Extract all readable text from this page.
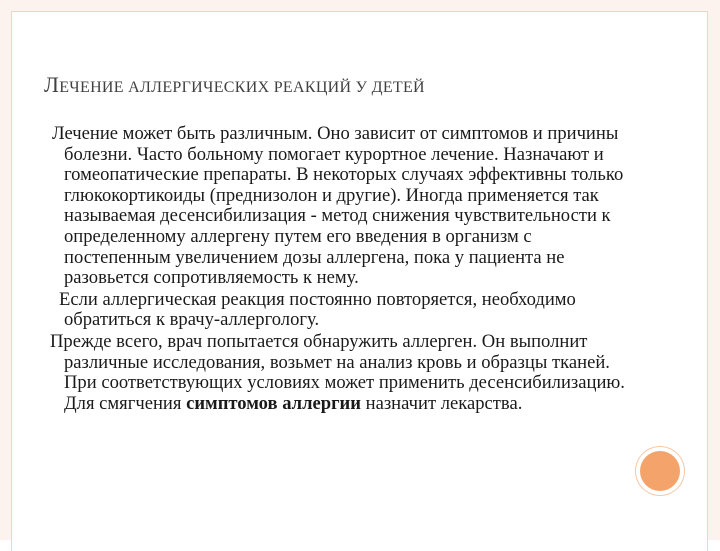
ЛЕЧЕНИЕ АЛЛЕРГИЧЕСКИХ РЕАКЦИЙ У ДЕТЕЙ

Лечение может быть различным. Оно зависит от симптомов и причины болезни. Часто больному помогает курортное лечение. Назначают и гомеопатические препараты. В некоторых случаях эффективны только глюкокортикоиды (преднизолон и другие). Иногда применяется так называемая десенсибилизация - метод снижения чувствительности к определенному аллергену путем его введения в организм с постепенным увеличением дозы аллергена, пока у пациента не разовьется сопротивляемость к нему.

Если аллергическая реакция постоянно повторяется, необходимо обратиться к врачу-аллергологу.

Прежде всего, врач попытается обнаружить аллерген. Он выполнит различные исследования, возьмет на анализ кровь и образцы тканей. При соответствующих условиях может применить десенсибилизацию. Для смягчения симптомов аллергии назначит лекарства.
